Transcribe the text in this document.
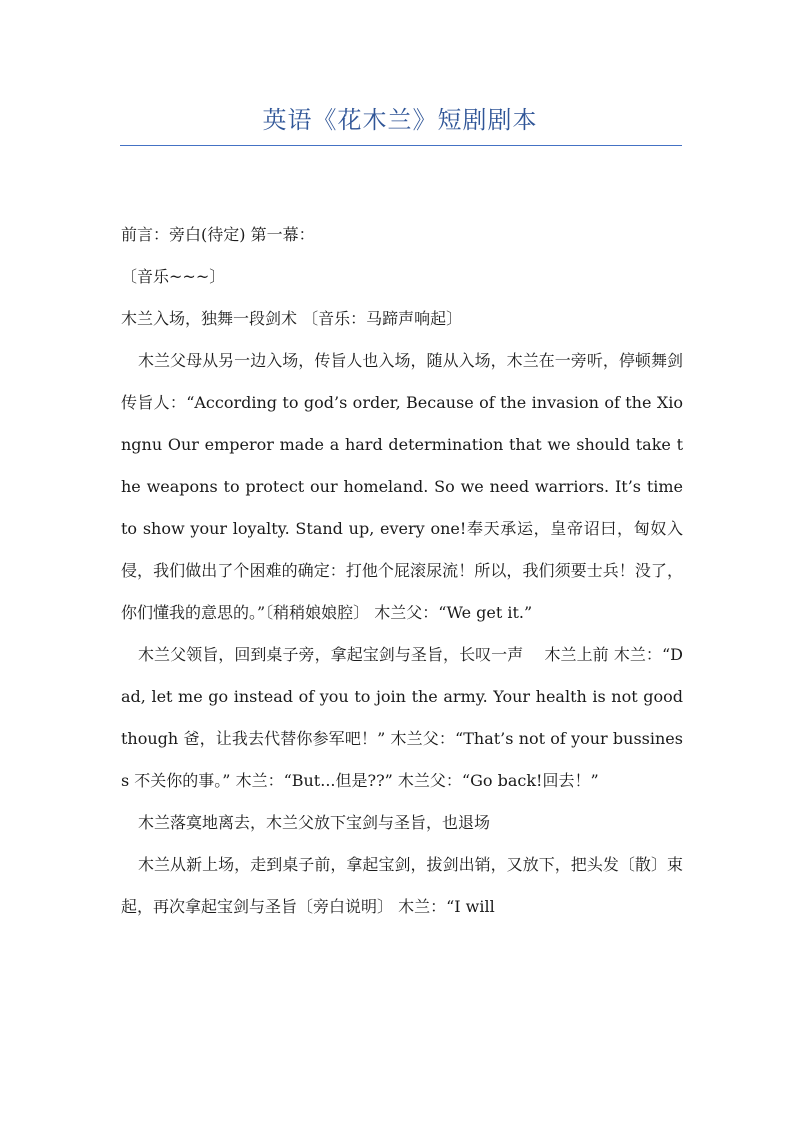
英语《花木兰》短剧剧本

前言：旁白(待定) 第一幕：

〔音乐~~~〕

木兰入场，独舞一段剑术 〔音乐：马蹄声响起〕

木兰父母从另一边入场，传旨人也入场，随从入场，木兰在一旁听，停顿舞剑 传旨人：“According to god’s order, Because of the invasion of the Xiongnu Our emperor made a hard determination that we should take the weapons to protect our homeland. So we need warriors. It’s time to show your loyalty. Stand up, every one!奉天承运，皇帝诏曰，匈奴入侵，我们做出了个困难的确定：打他个屁滚尿流！所以，我们须要士兵！没了，你们懂我的意思的。”〔稍稍娘娘腔〕 木兰父：“We get it.”

木兰父领旨，回到桌子旁，拿起宝剑与圣旨，长叹一声　 木兰上前 木兰：“Dad, let me go instead of you to join the army. Your health is not good though 爸，让我去代替你参军吧！” 木兰父：“That’s not of your bussiness 不关你的事。” 木兰：“But...但是??” 木兰父：“Go back!回去！”

木兰落寞地离去，木兰父放下宝剑与圣旨，也退场

木兰从新上场，走到桌子前，拿起宝剑，拔剑出销，又放下，把头发〔散〕束起，再次拿起宝剑与圣旨〔旁白说明〕 木兰：“I will
